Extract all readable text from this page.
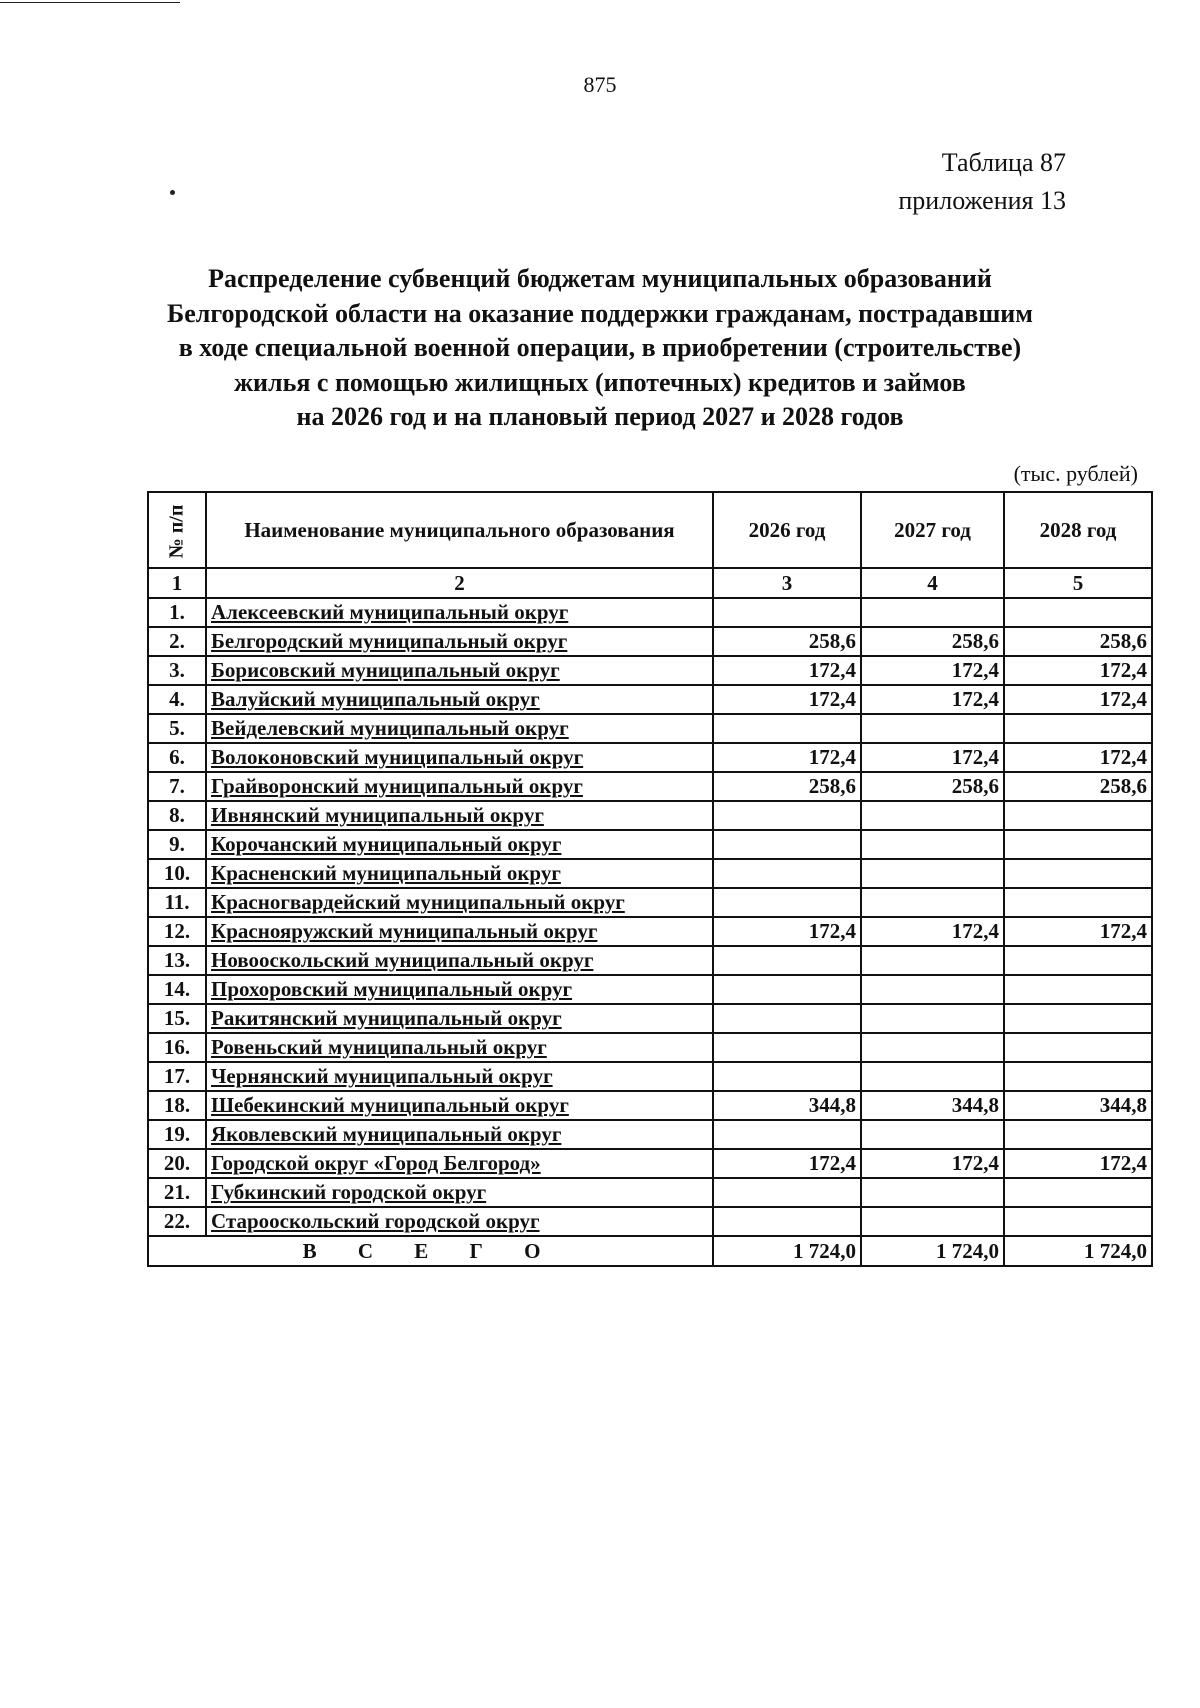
875
Таблица 87
приложения 13
Распределение субвенций бюджетам муниципальных образований
Белгородской области на оказание поддержки гражданам, пострадавшим
в ходе специальной военной операции, в приобретении (строительстве)
жилья с помощью жилищных (ипотечных) кредитов и займов
на 2026 год и на плановый период 2027 и 2028 годов
(тыс. рублей)
№ п/п	Наименование муниципального образования	2026 год	2027 год	2028 год
1	2	3	4	5
1.	Алексеевский муниципальный округ			
2.	Белгородский муниципальный округ	258,6	258,6	258,6
3.	Борисовский муниципальный округ	172,4	172,4	172,4
4.	Валуйский муниципальный округ	172,4	172,4	172,4
5.	Вейделевский муниципальный округ			
6.	Волоконовский муниципальный округ	172,4	172,4	172,4
7.	Грайворонский муниципальный округ	258,6	258,6	258,6
8.	Ивнянский муниципальный округ			
9.	Корочанский муниципальный округ			
10.	Красненский муниципальный округ			
11.	Красногвардейский муниципальный округ			
12.	Краснояружский муниципальный округ	172,4	172,4	172,4
13.	Новооскольский муниципальный округ			
14.	Прохоровский муниципальный округ			
15.	Ракитянский муниципальный округ			
16.	Ровеньский муниципальный округ			
17.	Чернянский муниципальный округ			
18.	Шебекинский муниципальный округ	344,8	344,8	344,8
19.	Яковлевский муниципальный округ			
20.	Городской округ «Город Белгород»	172,4	172,4	172,4
21.	Губкинский городской округ			
22.	Старооскольский городской округ			
В С Е Г О		1 724,0	1 724,0	1 724,0
